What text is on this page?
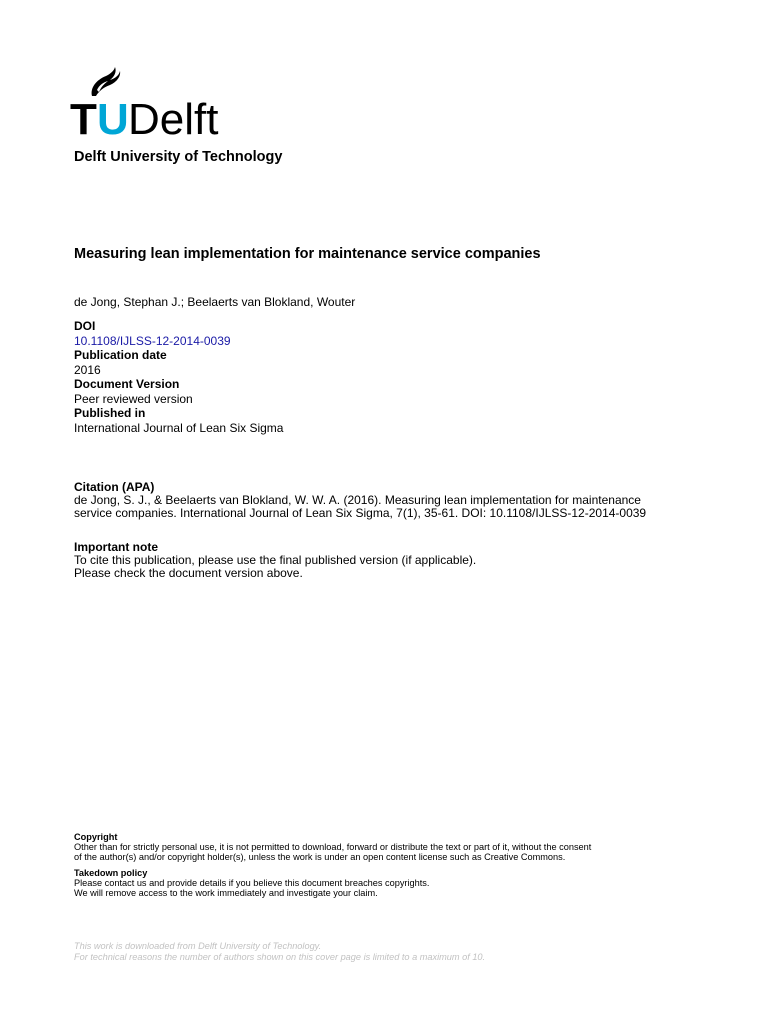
T U Delft
Delft University of Technology
Measuring lean implementation for maintenance service companies
de Jong, Stephan J.; Beelaerts van Blokland, Wouter
DOI
10.1108/IJLSS-12-2014-0039
Publication date
2016
Document Version
Peer reviewed version
Published in
International Journal of Lean Six Sigma
Citation (APA)
de Jong, S. J., & Beelaerts van Blokland, W. W. A. (2016). Measuring lean implementation for maintenance
service companies. International Journal of Lean Six Sigma, 7(1), 35-61. DOI: 10.1108/IJLSS-12-2014-0039
Important note
To cite this publication, please use the final published version (if applicable).
Please check the document version above.
Copyright
Other than for strictly personal use, it is not permitted to download, forward or distribute the text or part of it, without the consent
of the author(s) and/or copyright holder(s), unless the work is under an open content license such as Creative Commons.
Takedown policy
Please contact us and provide details if you believe this document breaches copyrights.
We will remove access to the work immediately and investigate your claim.
This work is downloaded from Delft University of Technology.
For technical reasons the number of authors shown on this cover page is limited to a maximum of 10.
